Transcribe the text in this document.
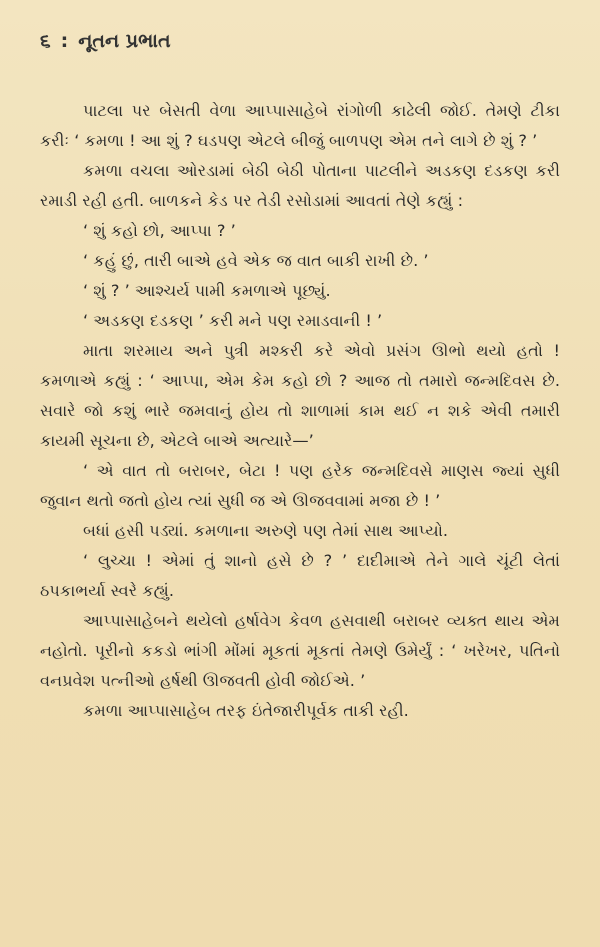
૬ : નૂતન પ્રભાત

પાટલા પર બેસતી વેળા આપ્પાસાહેબે રાંગોળી કાઢેલી જોઈ. તેમણે ટીકા કરીઃ ‘ કમળા ! આ શું ? ઘડપણ એટલે બીજું બાળપણ એમ તને લાગે છે શું ? ’

કમળા વચલા ઓરડામાં બેઠી બેઠી પોતાના પાટલીને અડકણ દડકણ કરી રમાડી રહી હતી. બાળકને કેડ પર તેડી રસોડામાં આવતાં તેણે કહ્યું :

‘ શું કહો છો, આપ્પા ? ’

‘ કહું છું, તારી બાએ હવે એક જ વાત બાકી રાખી છે. ’

‘ શું ? ’ આશ્ચર્ય પામી કમળાએ પૂછ્યું.

‘ અડકણ દડકણ ’ કરી મને પણ રમાડવાની ! ’

માતા શરમાય અને પુત્રી મશ્કરી કરે એવો પ્રસંગ ઊભો થયો હતો ! કમળાએ કહ્યું : ‘ આપ્પા, એમ કેમ કહો છો ? આજ તો તમારો જન્મદિવસ છે. સવારે જો કશું ભારે જમવાનું હોય તો શાળામાં કામ થઈ ન શકે એવી તમારી કાયમી સૂચના છે, એટલે બાએ અત્યારે—’

‘ એ વાત તો બરાબર, બેટા ! પણ હરેક જન્મદિવસે માણસ જ્યાં સુધી જુવાન થતો જતો હોય ત્યાં સુધી જ એ ઊજવવામાં મજા છે ! ’

બધાં હસી પડ્યાં. કમળાના અરુણે પણ તેમાં સાથ આપ્યો.

‘ લુચ્ચા ! એમાં તું શાનો હસે છે ? ’ દાદીમાએ તેને ગાલે ચૂંટી લેતાં ઠપકાભર્યા સ્વરે કહ્યું.

આપ્પાસાહેબને થયેલો હર્ષાવેગ કેવળ હસવાથી બરાબર વ્યક્ત થાય એમ નહોતો. પૂરીનો કકડો ભાંગી મોંમાં મૂકતાં મૂકતાં તેમણે ઉમેર્યું : ‘ ખરેખર, પતિનો વનપ્રવેશ પત્નીઓ હર્ષથી ઊજવતી હોવી જોઈએ. ’

કમળા આપ્પાસાહેબ તરફ ઇંતેજારીપૂર્વક તાકી રહી.
